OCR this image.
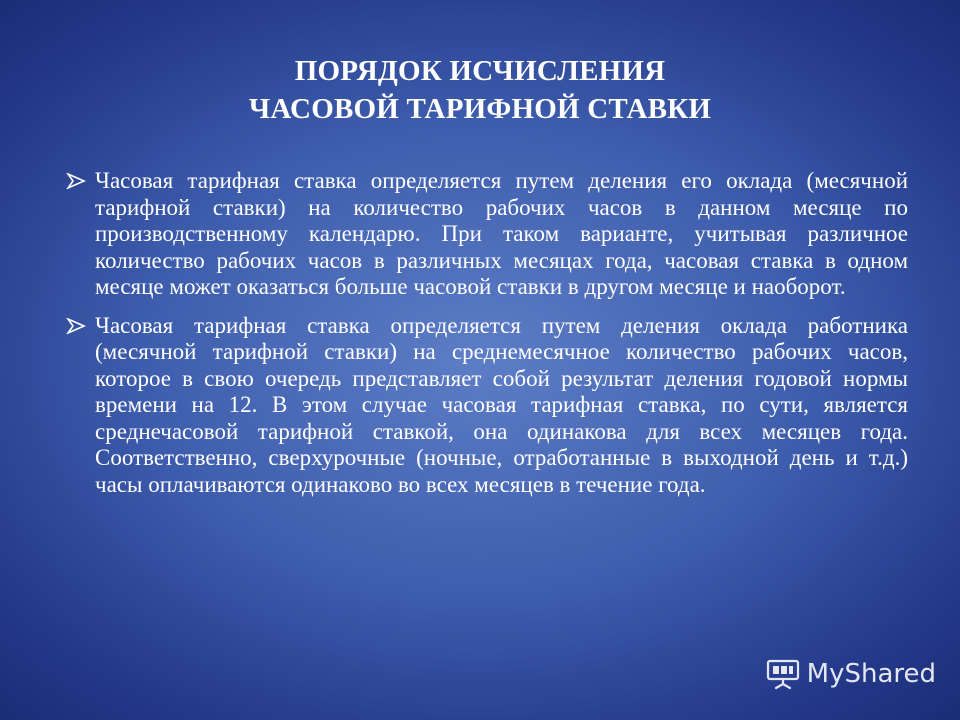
ПОРЯДОК ИСЧИСЛЕНИЯ
ЧАСОВОЙ ТАРИФНОЙ СТАВКИ
Часовая тарифная ставка определяется путем деления его оклада (месячной тарифной ставки) на количество рабочих часов в данном месяце по производственному календарю. При таком варианте, учитывая различное количество рабочих часов в различных месяцах года, часовая ставка в одном месяце может оказаться больше часовой ставки в другом месяце и наоборот.
Часовая тарифная ставка определяется путем деления оклада работника (месячной тарифной ставки) на среднемесячное количество рабочих часов, которое в свою очередь представляет собой результат деления годовой нормы времени на 12. В этом случае часовая тарифная ставка, по сути, является среднечасовой тарифной ставкой, она одинакова для всех месяцев года. Соответственно, сверхурочные (ночные, отработанные в выходной день и т.д.) часы оплачиваются одинаково во всех месяцев в течение года.
MyShared
